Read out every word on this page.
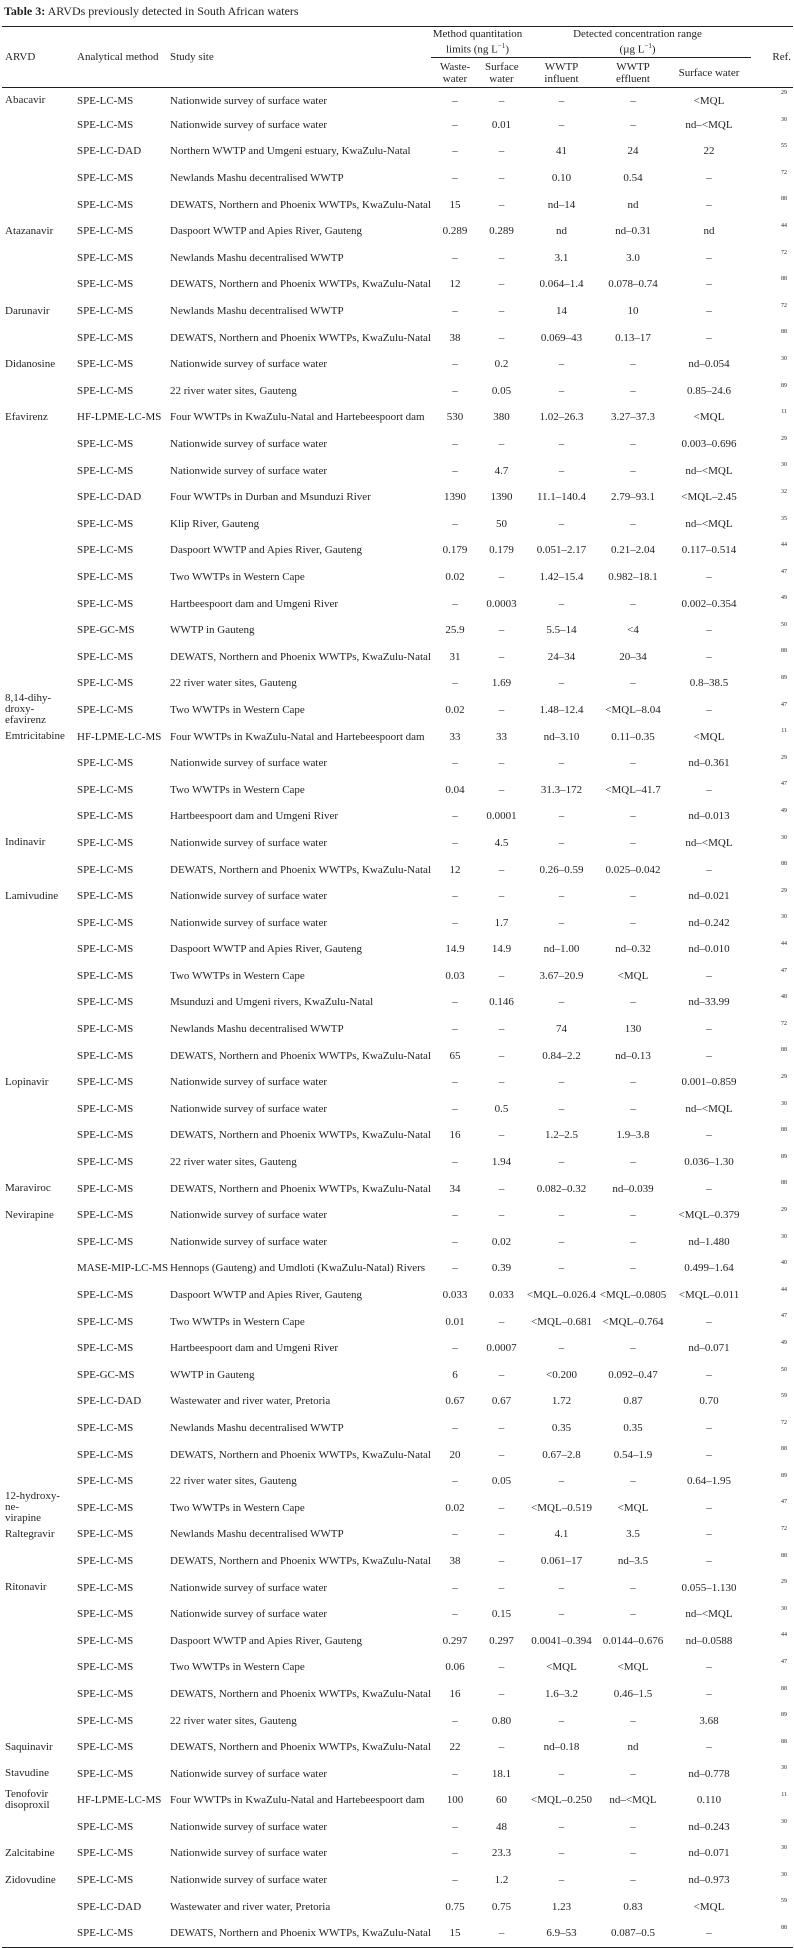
Table 3: ARVDs previously detected in South African waters
ARVD	Analytical method	Study site	Method quantitation limits (ng $L^{-1}$)		Detected concentration range
(µg $L^{-1}$)			Ref.
			Waste-water	Surface water	WWTP influent	WWTP effluent	Surface water	

Abacavir	SPE-LC-MS	Nationwide survey of surface water	–	–	–	–	<MQL	29

	SPE-LC-MS	Nationwide survey of surface water	–	0.01	–	–	nd–<MQL	30

	SPE-LC-DAD	Northern WWTP and Umgeni estuary, KwaZulu-Natal	–	–	41	24	22	55

	SPE-LC-MS	Newlands Mashu decentralised WWTP	–	–	0.10	0.54	–	72

	SPE-LC-MS	DEWATS, Northern and Phoenix WWTPs, KwaZulu-Natal	15	–	nd–14	nd	–	88

Atazanavir	SPE-LC-MS	Daspoort WWTP and Apies River, Gauteng	0.289	0.289	nd	nd–0.31	nd	44

	SPE-LC-MS	Newlands Mashu decentralised WWTP	–	–	3.1	3.0	–	72

	SPE-LC-MS	DEWATS, Northern and Phoenix WWTPs, KwaZulu-Natal	12	–	0.064–1.4	0.078–0.74	–	88

Darunavir	SPE-LC-MS	Newlands Mashu decentralised WWTP	–	–	14	10	–	72

	SPE-LC-MS	DEWATS, Northern and Phoenix WWTPs, KwaZulu-Natal	38	–	0.069–43	0.13–17	–	88

Didanosine	SPE-LC-MS	Nationwide survey of surface water	–	0.2	–	–	nd–0.054	30

	SPE-LC-MS	22 river water sites, Gauteng	–	0.05	–	–	0.85–24.6	89

Efavirenz	HF-LPME-LC-MS	Four WWTPs in KwaZulu-Natal and Hartebeespoort dam	530	380	1.02–26.3	3.27–37.3	<MQL	11

	SPE-LC-MS	Nationwide survey of surface water	–	–	–	–	0.003–0.696	29

	SPE-LC-MS	Nationwide survey of surface water	–	4.7	–	–	nd–<MQL	30

	SPE-LC-DAD	Four WWTPs in Durban and Msunduzi River	1390	1390	11.1–140.4	2.79–93.1	<MQL–2.45	32

	SPE-LC-MS	Klip River, Gauteng	–	50	–	–	nd–<MQL	35

	SPE-LC-MS	Daspoort WWTP and Apies River, Gauteng	0.179	0.179	0.051–2.17	0.21–2.04	0.117–0.514	44

	SPE-LC-MS	Two WWTPs in Western Cape	0.02	–	1.42–15.4	0.982–18.1	–	47

	SPE-LC-MS	Hartbeespoort dam and Umgeni River	–	0.0003	–	–	0.002–0.354	49

	SPE-GC-MS	WWTP in Gauteng	25.9	–	5.5–14	<4	–	50

	SPE-LC-MS	DEWATS, Northern and Phoenix WWTPs, KwaZulu-Natal	31	–	24–34	20–34	–	88

	SPE-LC-MS	22 river water sites, Gauteng	–	1.69	–	–	0.8–38.5	89

8,14-dihy-
droxy-efavirenz	SPE-LC-MS	Two WWTPs in Western Cape	0.02	–	1.48–12.4	<MQL–8.04	–	47

Emtricitabine	HF-LPME-LC-MS	Four WWTPs in KwaZulu-Natal and Hartebeespoort dam	33	33	nd–3.10	0.11–0.35	<MQL	11

	SPE-LC-MS	Nationwide survey of surface water	–	–	–	–	nd–0.361	29

	SPE-LC-MS	Two WWTPs in Western Cape	0.04	–	31.3–172	<MQL–41.7	–	47

	SPE-LC-MS	Hartbeespoort dam and Umgeni River	–	0.0001	–	–	nd–0.013	49

Indinavir	SPE-LC-MS	Nationwide survey of surface water	–	4.5	–	–	nd–<MQL	30

	SPE-LC-MS	DEWATS, Northern and Phoenix WWTPs, KwaZulu-Natal	12	–	0.26–0.59	0.025–0.042	–	88

Lamivudine	SPE-LC-MS	Nationwide survey of surface water	–	–	–	–	nd–0.021	29

	SPE-LC-MS	Nationwide survey of surface water	–	1.7	–	–	nd–0.242	30

	SPE-LC-MS	Daspoort WWTP and Apies River, Gauteng	14.9	14.9	nd–1.00	nd–0.32	nd–0.010	44

	SPE-LC-MS	Two WWTPs in Western Cape	0.03	–	3.67–20.9	<MQL	–	47

	SPE-LC-MS	Msunduzi and Umgeni rivers, KwaZulu-Natal	–	0.146	–	–	nd–33.99	48

	SPE-LC-MS	Newlands Mashu decentralised WWTP	–	–	74	130	–	72

	SPE-LC-MS	DEWATS, Northern and Phoenix WWTPs, KwaZulu-Natal	65	–	0.84–2.2	nd–0.13	–	88

Lopinavir	SPE-LC-MS	Nationwide survey of surface water	–	–	–	–	0.001–0.859	29

	SPE-LC-MS	Nationwide survey of surface water	–	0.5	–	–	nd–<MQL	30

	SPE-LC-MS	DEWATS, Northern and Phoenix WWTPs, KwaZulu-Natal	16	–	1.2–2.5	1.9–3.8	–	88

	SPE-LC-MS	22 river water sites, Gauteng	–	1.94	–	–	0.036–1.30	89

Maraviroc	SPE-LC-MS	DEWATS, Northern and Phoenix WWTPs, KwaZulu-Natal	34	–	0.082–0.32	nd–0.039	–	88

Nevirapine	SPE-LC-MS	Nationwide survey of surface water	–	–	–	–	<MQL–0.379	29

	SPE-LC-MS	Nationwide survey of surface water	–	0.02	–	–	nd–1.480	30

	MASE-MIP-LC-MS	Hennops (Gauteng) and Umdloti (KwaZulu-Natal) Rivers	–	0.39	–	–	0.499–1.64	40

	SPE-LC-MS	Daspoort WWTP and Apies River, Gauteng	0.033	0.033	<MQL–0.026.4	<MQL–0.0805	<MQL–0.011	44

	SPE-LC-MS	Two WWTPs in Western Cape	0.01	–	<MQL–0.681	<MQL–0.764	–	47

	SPE-LC-MS	Hartbeespoort dam and Umgeni River	–	0.0007	–	–	nd–0.071	49

	SPE-GC-MS	WWTP in Gauteng	6	–	<0.200	0.092–0.47	–	50

	SPE-LC-DAD	Wastewater and river water, Pretoria	0.67	0.67	1.72	0.87	0.70	59

	SPE-LC-MS	Newlands Mashu decentralised WWTP	–	–	0.35	0.35	–	72

	SPE-LC-MS	DEWATS, Northern and Phoenix WWTPs, KwaZulu-Natal	20	–	0.67–2.8	0.54–1.9	–	88

	SPE-LC-MS	22 river water sites, Gauteng	–	0.05	–	–	0.64–1.95	89

12-hydroxy-ne-
virapine	SPE-LC-MS	Two WWTPs in Western Cape	0.02	–	<MQL–0.519	<MQL	–	47

Raltegravir	SPE-LC-MS	Newlands Mashu decentralised WWTP	–	–	4.1	3.5	–	72

	SPE-LC-MS	DEWATS, Northern and Phoenix WWTPs, KwaZulu-Natal	38	–	0.061–17	nd–3.5	–	88

Ritonavir	SPE-LC-MS	Nationwide survey of surface water	–	–	–	–	0.055–1.130	29

	SPE-LC-MS	Nationwide survey of surface water	–	0.15	–	–	nd–<MQL	30

	SPE-LC-MS	Daspoort WWTP and Apies River, Gauteng	0.297	0.297	0.0041–0.394	0.0144–0.676	nd–0.0588	44

	SPE-LC-MS	Two WWTPs in Western Cape	0.06	–	<MQL	<MQL	–	47

	SPE-LC-MS	DEWATS, Northern and Phoenix WWTPs, KwaZulu-Natal	16	–	1.6–3.2	0.46–1.5	–	88

	SPE-LC-MS	22 river water sites, Gauteng	–	0.80	–	–	3.68	89

Saquinavir	SPE-LC-MS	DEWATS, Northern and Phoenix WWTPs, KwaZulu-Natal	22	–	nd–0.18	nd	–	88

Stavudine	SPE-LC-MS	Nationwide survey of surface water	–	18.1	–	–	nd–0.778	30

Tenofovir
disoproxil	HF-LPME-LC-MS	Four WWTPs in KwaZulu-Natal and Hartebeespoort dam	100	60	<MQL–0.250	nd–<MQL	0.110	11

	SPE-LC-MS	Nationwide survey of surface water	–	48	–	–	nd–0.243	30

Zalcitabine	SPE-LC-MS	Nationwide survey of surface water	–	23.3	–	–	nd–0.071	30

Zidovudine	SPE-LC-MS	Nationwide survey of surface water	–	1.2	–	–	nd–0.973	30

	SPE-LC-DAD	Wastewater and river water, Pretoria	0.75	0.75	1.23	0.83	<MQL	59

	SPE-LC-MS	DEWATS, Northern and Phoenix WWTPs, KwaZulu-Natal	15	–	6.9–53	0.087–0.5	–	88
